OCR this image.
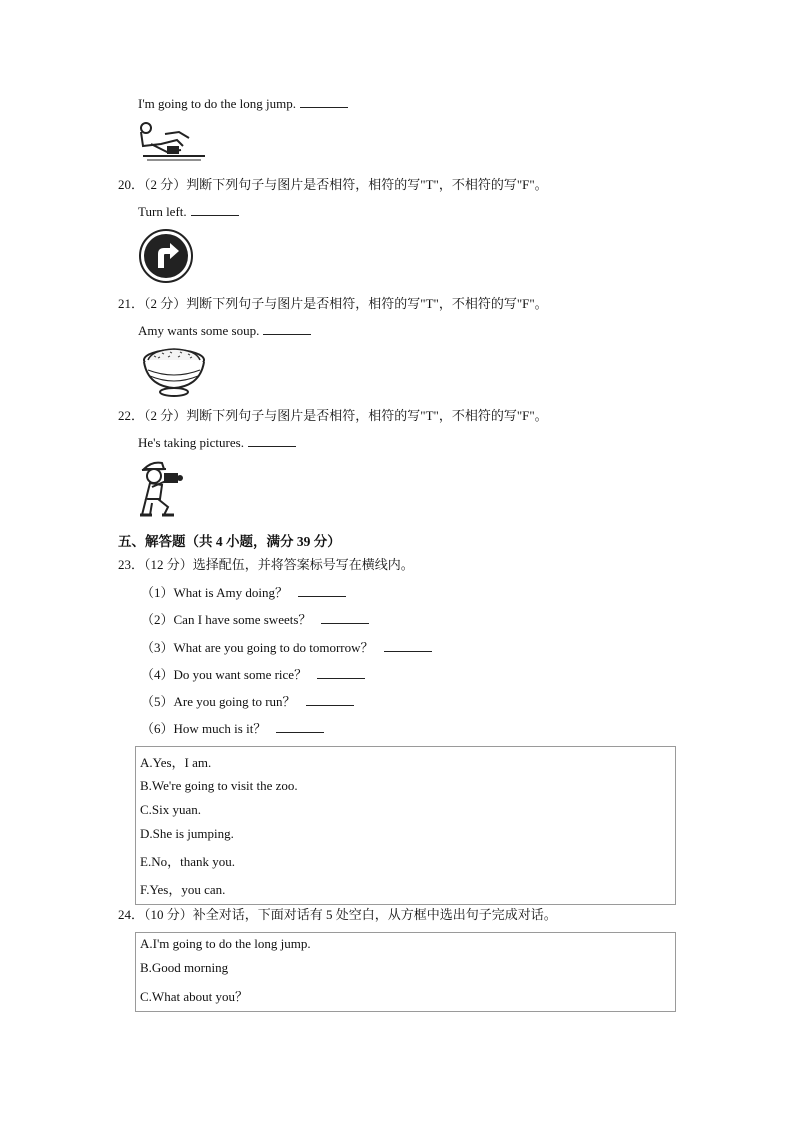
I'm going to do the long jump.
20．（2 分）判断下列句子与图片是否相符，相符的写"T"，不相符的写"F"。
Turn left.
21．（2 分）判断下列句子与图片是否相符，相符的写"T"，不相符的写"F"。
Amy wants some soup.
22．（2 分）判断下列句子与图片是否相符，相符的写"T"，不相符的写"F"。
He's taking pictures.
五、解答题（共 4 小题，满分 39 分）
23．（12 分）选择配伍，并将答案标号写在横线内。
（1）What is Amy doing？
（2）Can I have some sweets？
（3）What are you going to do tomorrow？
（4）Do you want some rice？
（5）Are you going to run？
（6）How much is it？
A.Yes，I am.
B.We're going to visit the zoo.
C.Six yuan.
D.She is jumping.
E.No，thank you.
F.Yes，you can.
24．（10 分）补全对话，下面对话有 5 处空白，从方框中选出句子完成对话。
A.I'm going to do the long jump.
B.Good morning
C.What about you？
